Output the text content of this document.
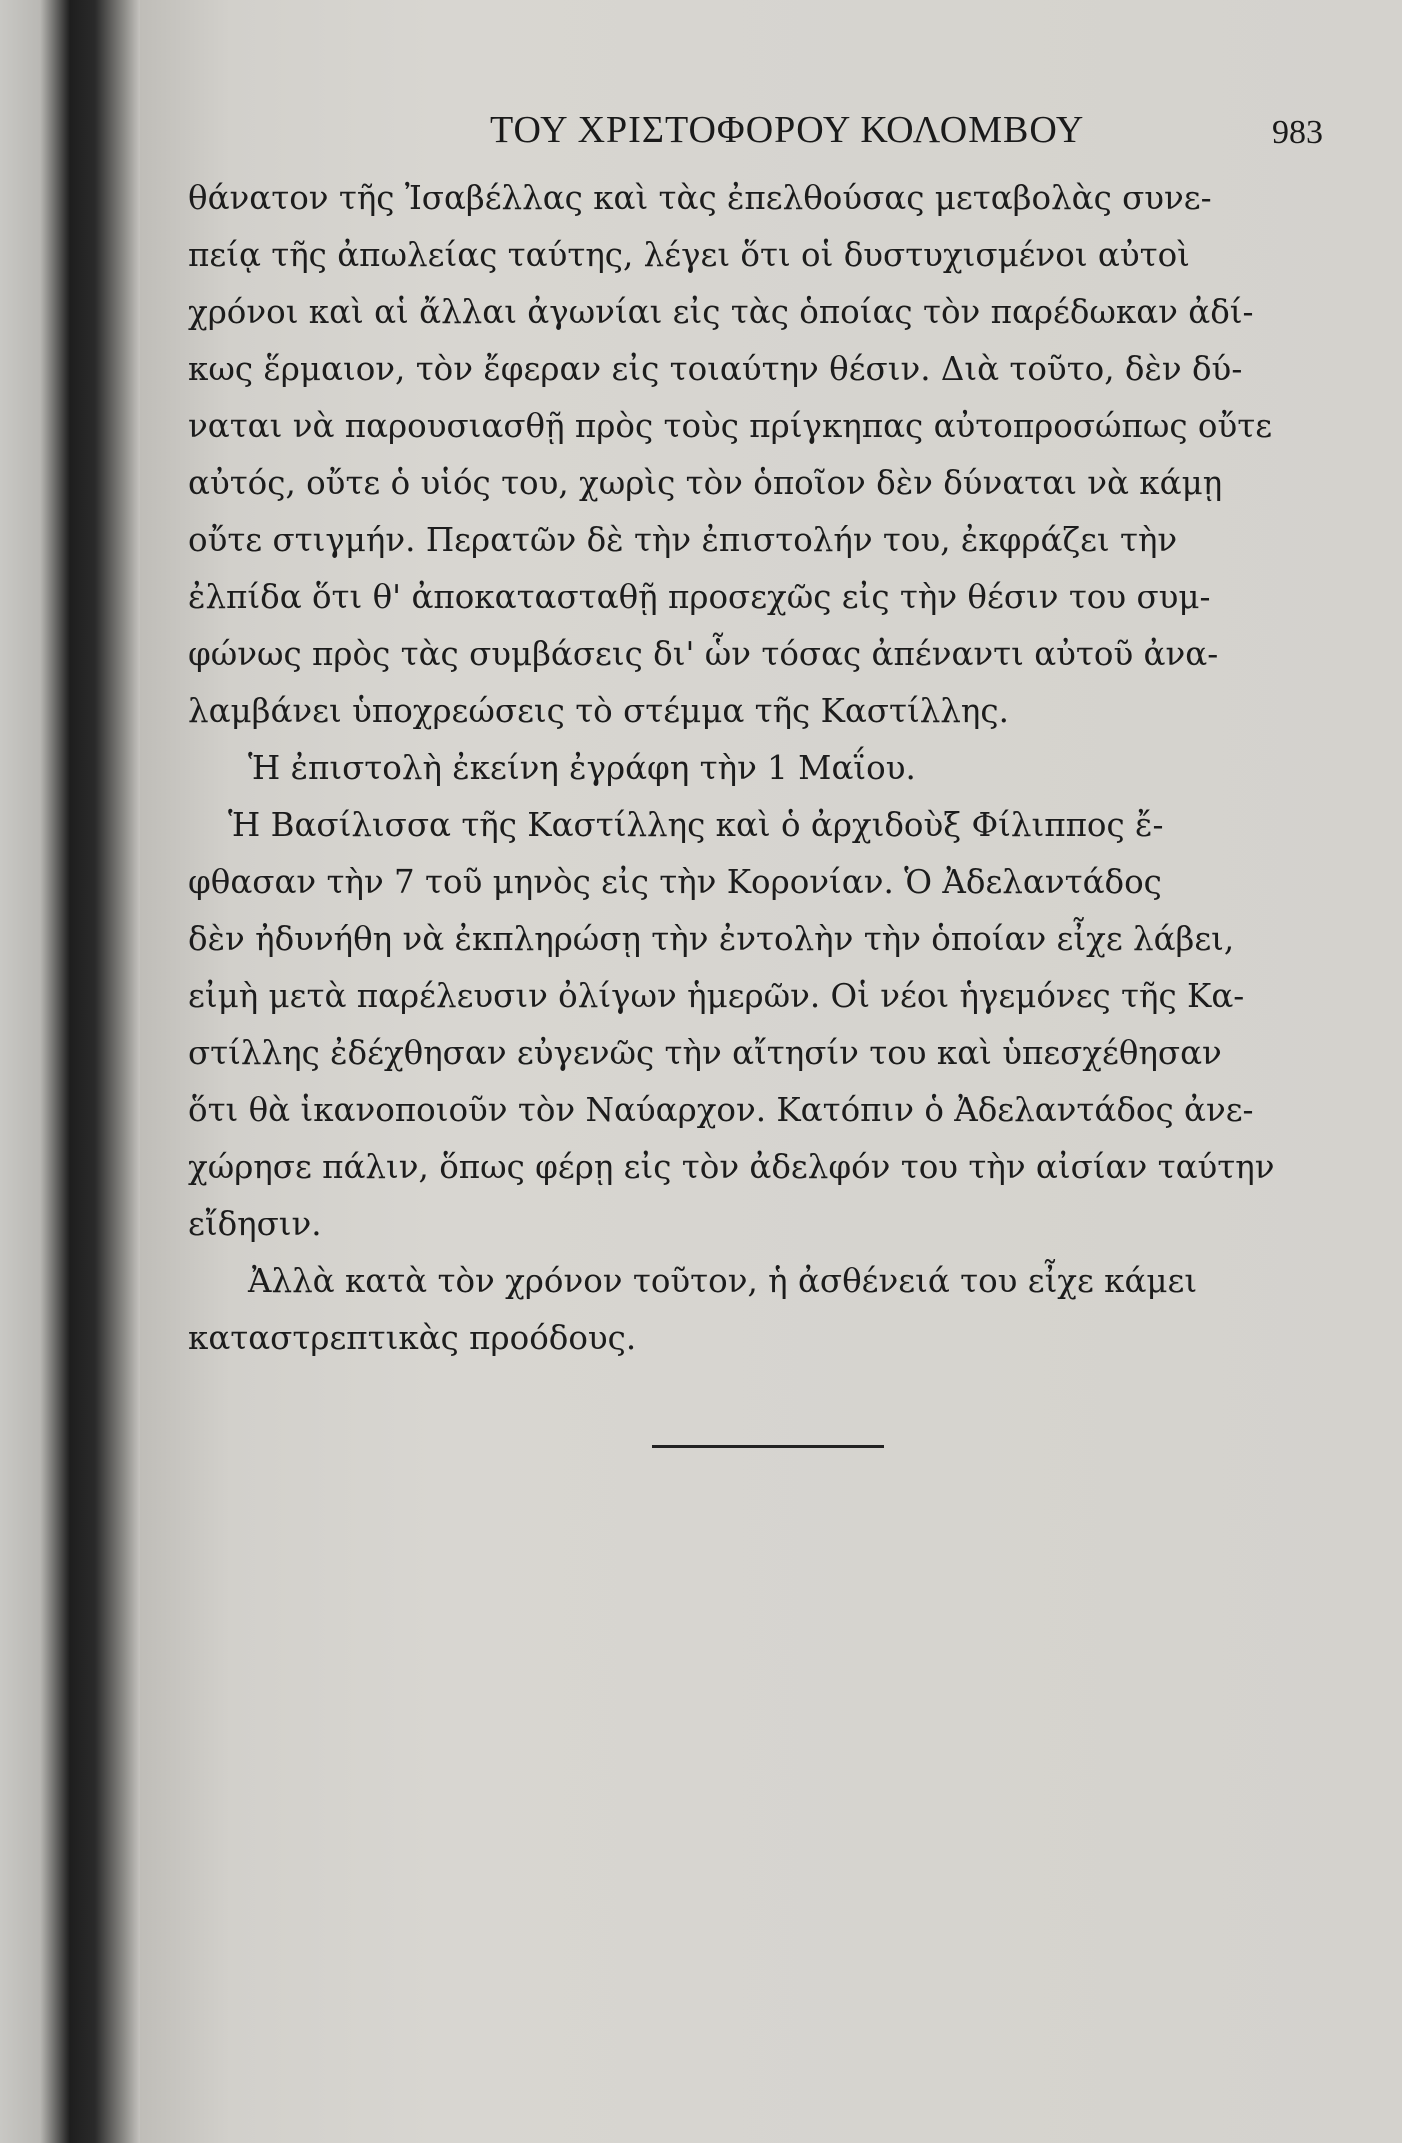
ΤΟΥ ΧΡΙΣΤΟΦΟΡΟΥ ΚΟΛΟΜΒΟΥ	983
θάνατον τῆς Ἰσαβέλλας καὶ τὰς ἐπελθούσας μεταβολὰς συνε-
πείᾳ τῆς ἀπωλείας ταύτης, λέγει ὅτι οἱ δυστυχισμένοι αὐτοὶ
χρόνοι καὶ αἱ ἄλλαι ἀγωνίαι εἰς τὰς ὁποίας τὸν παρέδωκαν ἀδί-
κως ἕρμαιον, τὸν ἔφεραν εἰς τοιαύτην θέσιν. Διὰ τοῦτο, δὲν δύ-
ναται νὰ παρουσιασθῇ πρὸς τοὺς πρίγκηπας αὐτοπροσώπως οὔτε
αὐτός, οὔτε ὁ υἱός του, χωρὶς τὸν ὁποῖον δὲν δύναται νὰ κάμῃ
οὔτε στιγμήν. Περατῶν δὲ τὴν ἐπιστολήν του, ἐκφράζει τὴν
ἐλπίδα ὅτι θ' ἀποκατασταθῇ προσεχῶς εἰς τὴν θέσιν του συμ-
φώνως πρὸς τὰς συμβάσεις δι' ὧν τόσας ἀπέναντι αὐτοῦ ἀνα-
λαμβάνει ὑποχρεώσεις τὸ στέμμα τῆς Καστίλλης.
Ἡ ἐπιστολὴ ἐκείνη ἐγράφη τὴν 1 Μαΐου.
Ἡ Βασίλισσα τῆς Καστίλλης καὶ ὁ ἀρχιδοὺξ Φίλιππος ἔ-
φθασαν τὴν 7 τοῦ μηνὸς εἰς τὴν Κορονίαν. Ὁ Ἀδελαντάδος
δὲν ἠδυνήθη νὰ ἐκπληρώσῃ τὴν ἐντολὴν τὴν ὁποίαν εἶχε λάβει,
εἰμὴ μετὰ παρέλευσιν ὀλίγων ἡμερῶν. Οἱ νέοι ἡγεμόνες τῆς Κα-
στίλλης ἐδέχθησαν εὐγενῶς τὴν αἴτησίν του καὶ ὑπεσχέθησαν
ὅτι θὰ ἱκανοποιοῦν τὸν Ναύαρχον. Κατόπιν ὁ Ἀδελαντάδος ἀνε-
χώρησε πάλιν, ὅπως φέρῃ εἰς τὸν ἀδελφόν του τὴν αἰσίαν ταύτην
εἴδησιν.
Ἀλλὰ κατὰ τὸν χρόνον τοῦτον, ἡ ἀσθένειά του εἶχε κάμει
καταστρεπτικὰς προόδους.
